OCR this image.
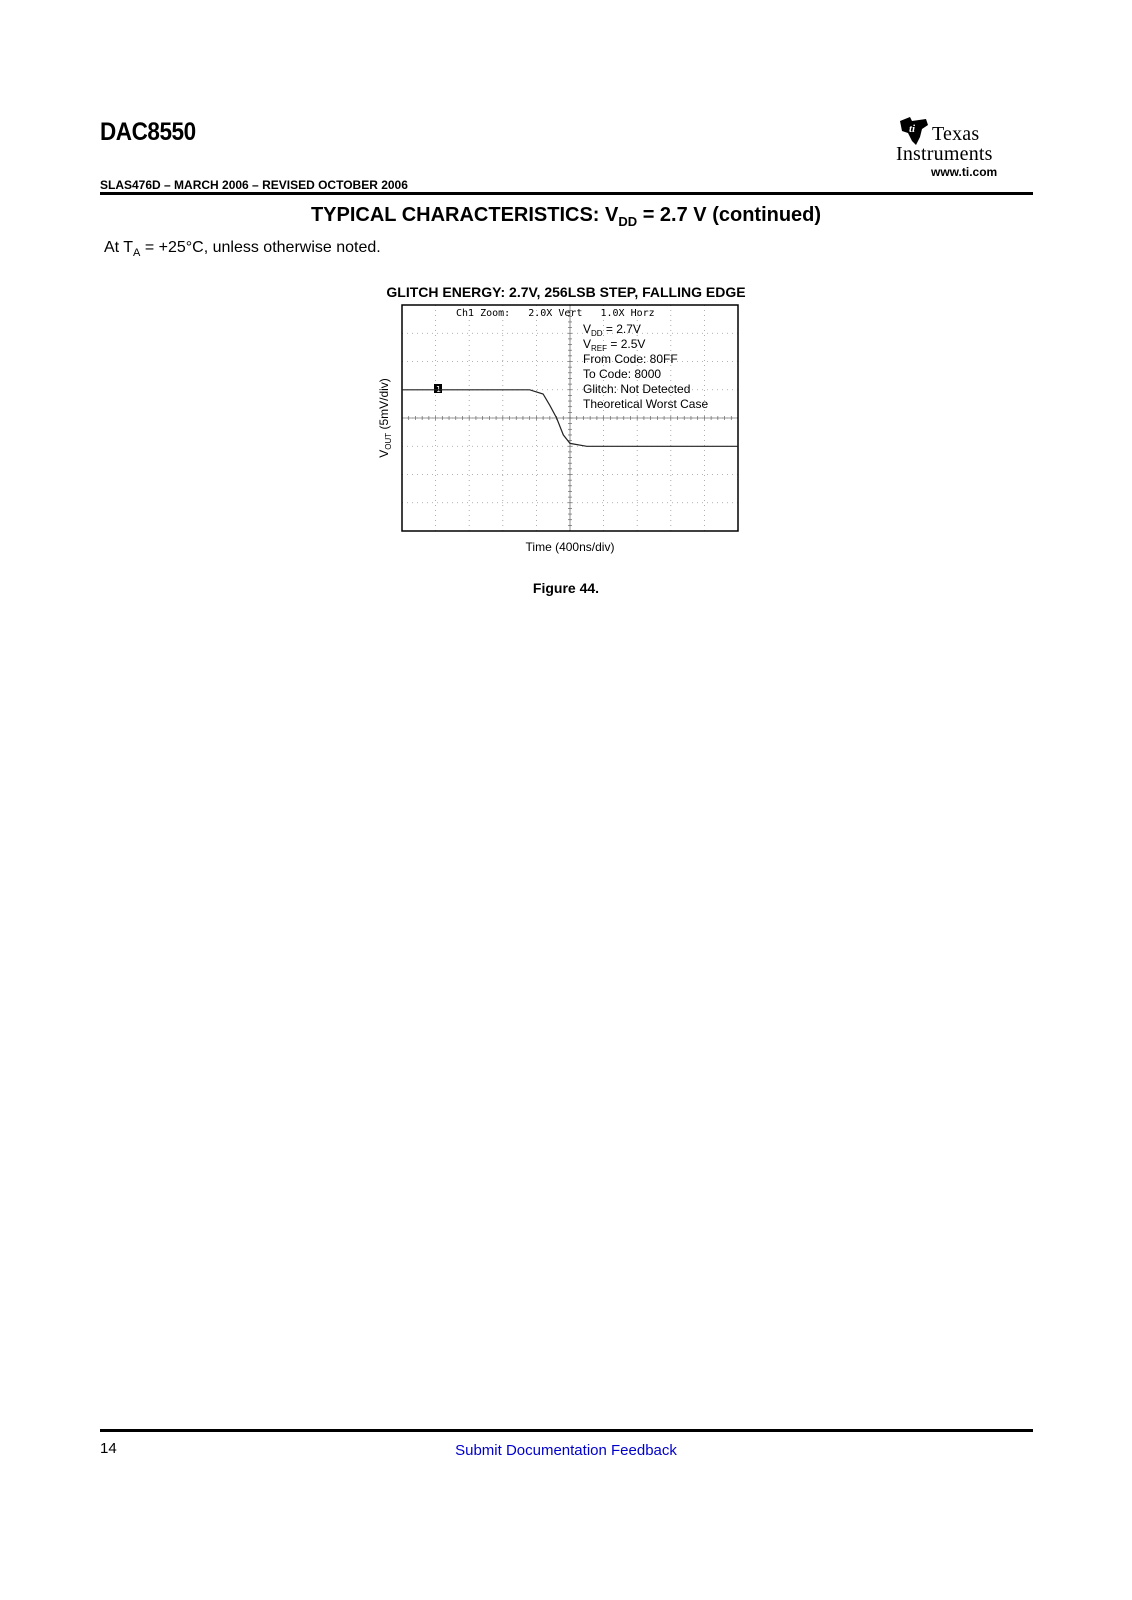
DAC8550
SLAS476D – MARCH 2006 – REVISED OCTOBER 2006
ti Texas
Instruments
www.ti.com
TYPICAL CHARACTERISTICS: $V_{DD} = 2.7$ V (continued)
At $T_A = +25^\circ C$, unless otherwise noted.
GLITCH ENERGY: 2.7V, 256LSB STEP, FALLING EDGE
Ch1 Zoom:   2.0X Vert   1.0X Horz
1
$V_{DD} = 2.7V$
$V_{REF} = 2.5V$
From Code: 80FF
To Code: 8000
Glitch: Not Detected
Theoretical Worst Case
$V_{OUT}$ (5mV/div)
Time (400ns/div)
Figure 44.
14	Submit Documentation Feedback
